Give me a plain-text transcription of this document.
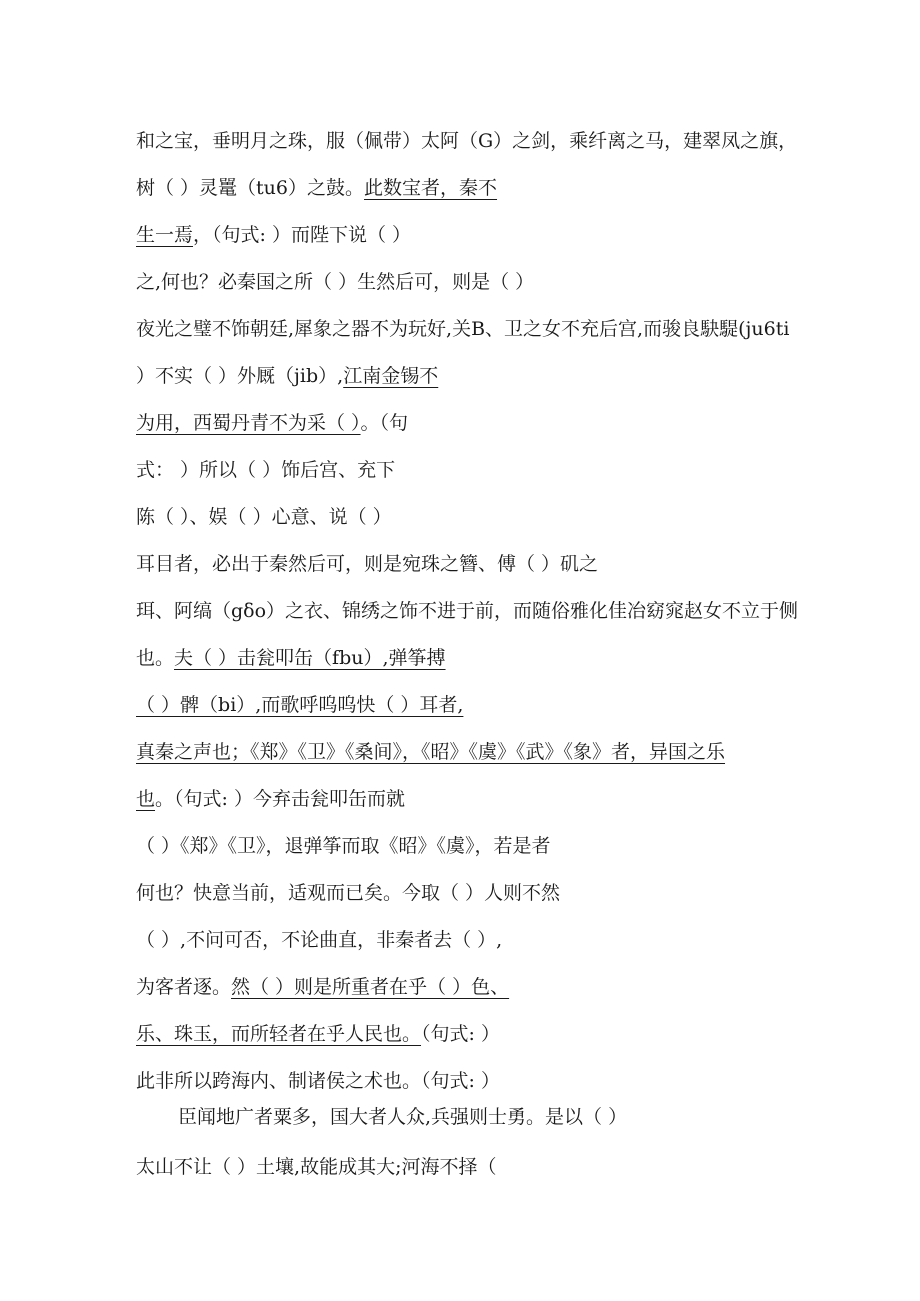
和之宝，垂明月之珠，服（佩带）太阿（G）之剑，乘纤离之马，建翠凤之旗，
树（ ）灵鼍（tu6）之鼓。此数宝者，秦不
生一焉，（句式: ）而陛下说（ ）
之,何也？必秦国之所（ ）生然后可，则是（ ）
夜光之璧不饰朝廷,犀象之器不为玩好,关B、卫之女不充后宫,而骏良駃騠(ju6ti
）不实（ ）外厩（jib）,江南金锡不
为用，西蜀丹青不为采（ ）。（句
式： ）所以（ ）饰后宫、充下
陈（ ）、娱（ ）心意、说（ ）
耳目者，必出于秦然后可，则是宛珠之簪、傅（ ）矶之
珥、阿缟（gδo）之衣、锦绣之饰不进于前，而随俗雅化佳冶窈窕赵女不立于侧
也。夫（ ）击瓮叩缶（fbu）,弹筝搏
（ ）髀（bi）,而歌呼呜呜快（ ）耳者,
真秦之声也；《郑》《卫》《桑间》，《昭》《虞》《武》《象》者，异国之乐
也。（句式: ）今弃击瓮叩缶而就
（ ）《郑》《卫》，退弹筝而取《昭》《虞》，若是者
何也？快意当前，适观而已矣。今取（ ）人则不然
（ ）,不问可否，不论曲直，非秦者去（ ）,
为客者逐。然（ ）则是所重者在乎（ ）色、
乐、珠玉，而所轻者在乎人民也。（句式: ）
此非所以跨海内、制诸侯之术也。（句式: ）
臣闻地广者粟多，国大者人众,兵强则士勇。是以（ ）
太山不让（ ）土壤,故能成其大;河海不择（
